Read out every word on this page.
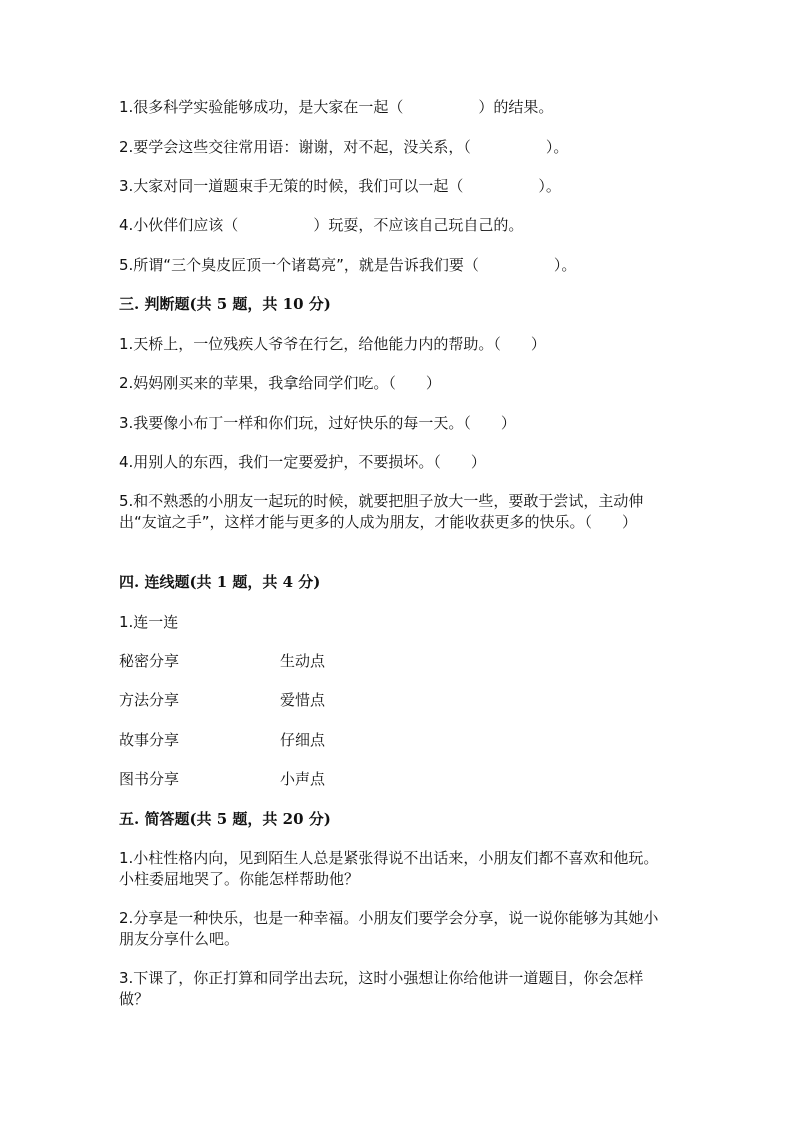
1.很多科学实验能够成功，是大家在一起（　　　　　）的结果。
2.要学会这些交往常用语：谢谢，对不起，没关系，（　　　　　）。
3.大家对同一道题束手无策的时候，我们可以一起（　　　　　）。
4.小伙伴们应该（　　　　　）玩耍，不应该自己玩自己的。
5.所谓“三个臭皮匠顶一个诸葛亮”，就是告诉我们要（　　　　　）。
三. 判断题(共 5 题，共 10 分)
1.天桥上，一位残疾人爷爷在行乞，给他能力内的帮助。（　　）
2.妈妈刚买来的苹果，我拿给同学们吃。（　　）
3.我要像小布丁一样和你们玩，过好快乐的每一天。（　　）
4.用别人的东西，我们一定要爱护，不要损坏。（　　）
5.和不熟悉的小朋友一起玩的时候，就要把胆子放大一些，要敢于尝试，主动伸出“友谊之手”，这样才能与更多的人成为朋友，才能收获更多的快乐。（　　）
四. 连线题(共 1 题，共 4 分)
1.连一连
秘密分享	生动点
方法分享	爱惜点
故事分享	仔细点
图书分享	小声点
五. 简答题(共 5 题，共 20 分)
1.小柱性格内向，见到陌生人总是紧张得说不出话来，小朋友们都不喜欢和他玩。小柱委屈地哭了。你能怎样帮助他？
2.分享是一种快乐，也是一种幸福。小朋友们要学会分享，说一说你能够为其她小朋友分享什么吧。
3.下课了，你正打算和同学出去玩，这时小强想让你给他讲一道题目，你会怎样做？
